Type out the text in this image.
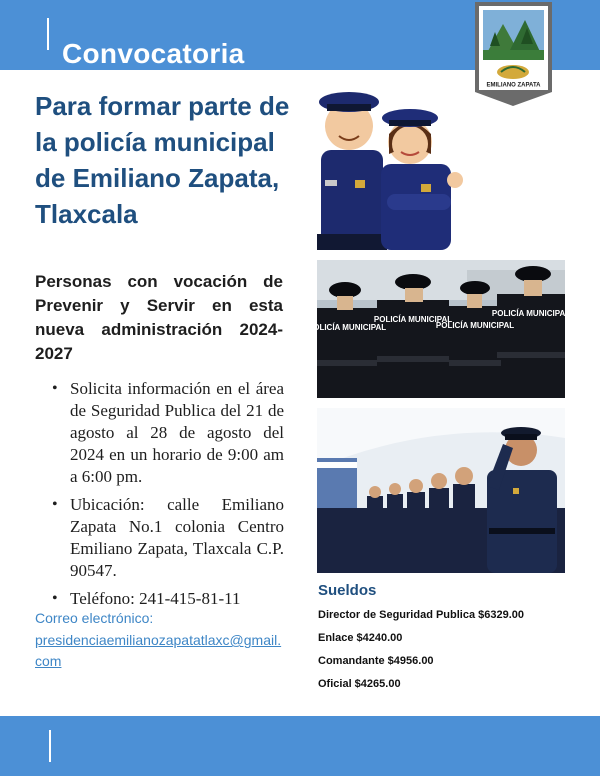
Convocatoria
EMILIANO ZAPATA
Para formar parte de la policía municipal de Emiliano Zapata, Tlaxcala

Personas con vocación de Prevenir y Servir en esta nueva administración 2024-2027

• Solicita información en el área de Seguridad Publica del 21 de agosto al 28 de agosto del 2024 en un horario de 9:00 am a 6:00 pm.
• Ubicación: calle Emiliano Zapata No.1 colonia Centro Emiliano Zapata, Tlaxcala C.P. 90547.
• Teléfono: 241-415-81-11
Correo electrónico:
presidenciaemilianozapatatlaxc@gmail.com
POLICÍA MUNICIPAL
POLICÍA MUNICIPAL
POLICÍA MUNICIPAL
POLICÍA MUNICIPAL
Sueldos
Director de Seguridad Publica $6329.00
Enlace $4240.00
Comandante $4956.00
Oficial $4265.00
